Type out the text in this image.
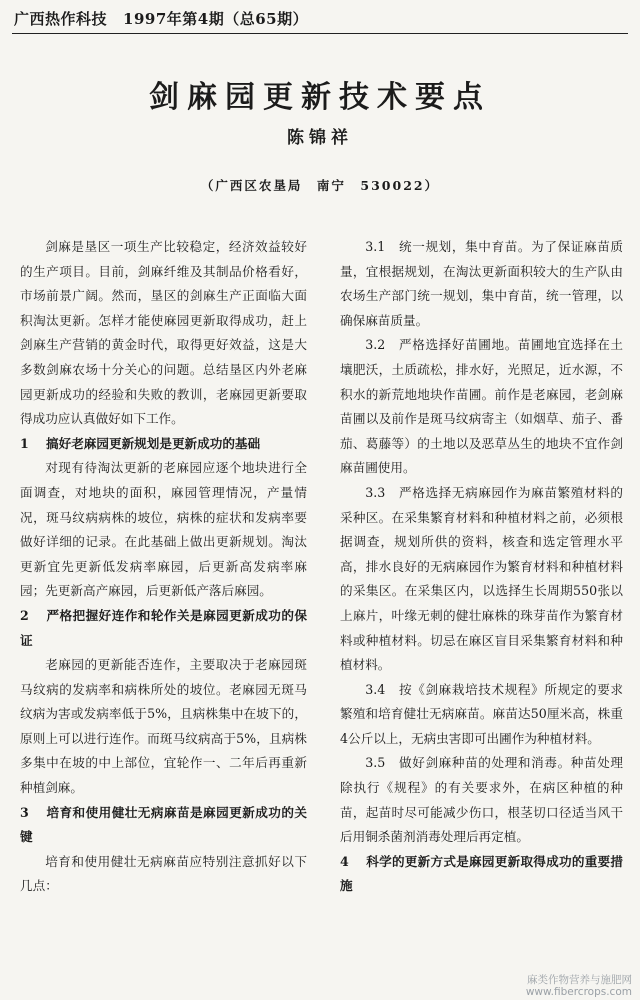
广西热作科技 1997年第4期（总65期）
剑麻园更新技术要点
陈锦祥
（广西区农垦局　南宁　530022）

剑麻是垦区一项生产比较稳定，经济效益较好的生产项目。目前，剑麻纤维及其制品价格看好，市场前景广阔。然而，垦区的剑麻生产正面临大面积淘汰更新。怎样才能使麻园更新取得成功，赶上剑麻生产营销的黄金时代，取得更好效益，这是大多数剑麻农场十分关心的问题。总结垦区内外老麻园更新成功的经验和失败的教训，老麻园更新要取得成功应认真做好如下工作。

1 搞好老麻园更新规划是更新成功的基础

对现有待淘汰更新的老麻园应逐个地块进行全面调查，对地块的面积，麻园管理情况，产量情况，斑马纹病病株的坡位，病株的症状和发病率要做好详细的记录。在此基础上做出更新规划。淘汰更新宜先更新低发病率麻园，后更新高发病率麻园；先更新高产麻园，后更新低产落后麻园。

2 严格把握好连作和轮作关是麻园更新成功的保证

老麻园的更新能否连作，主要取决于老麻园斑马纹病的发病率和病株所处的坡位。老麻园无斑马纹病为害或发病率低于5%，且病株集中在坡下的，原则上可以进行连作。而斑马纹病高于5%，且病株多集中在坡的中上部位，宜轮作一、二年后再重新种植剑麻。

3 培育和使用健壮无病麻苗是麻园更新成功的关键

培育和使用健壮无病麻苗应特别注意抓好以下几点：

3.1　统一规划，集中育苗。为了保证麻苗质量，宜根据规划，在淘汰更新面积较大的生产队由农场生产部门统一规划，集中育苗，统一管理，以确保麻苗质量。

3.2　严格选择好苗圃地。苗圃地宜选择在土壤肥沃，土质疏松，排水好，光照足，近水源，不积水的新荒地地块作苗圃。前作是老麻园，老剑麻苗圃以及前作是斑马纹病寄主（如烟草、茄子、番茄、葛藤等）的土地以及恶草丛生的地块不宜作剑麻苗圃使用。

3.3　严格选择无病麻园作为麻苗繁殖材料的采种区。在采集繁育材料和种植材料之前，必须根据调查，规划所供的资料，核查和选定管理水平高，排水良好的无病麻园作为繁育材料和种植材料的采集区。在采集区内，以选择生长周期550张以上麻片，叶缘无刺的健壮麻株的珠芽苗作为繁育材料或种植材料。切忌在麻区盲目采集繁育材料和种植材料。

3.4　按《剑麻栽培技术规程》所规定的要求繁殖和培育健壮无病麻苗。麻苗达50厘米高，株重4公斤以上，无病虫害即可出圃作为种植材料。

3.5　做好剑麻种苗的处理和消毒。种苗处理除执行《规程》的有关要求外，在病区种植的种苗，起苗时尽可能减少伤口，根茎切口径适当风干后用铜杀菌剂消毒处理后再定植。

4 科学的更新方式是麻园更新取得成功的重要措施
麻类作物营养与施肥网
www.fibercrops.com
